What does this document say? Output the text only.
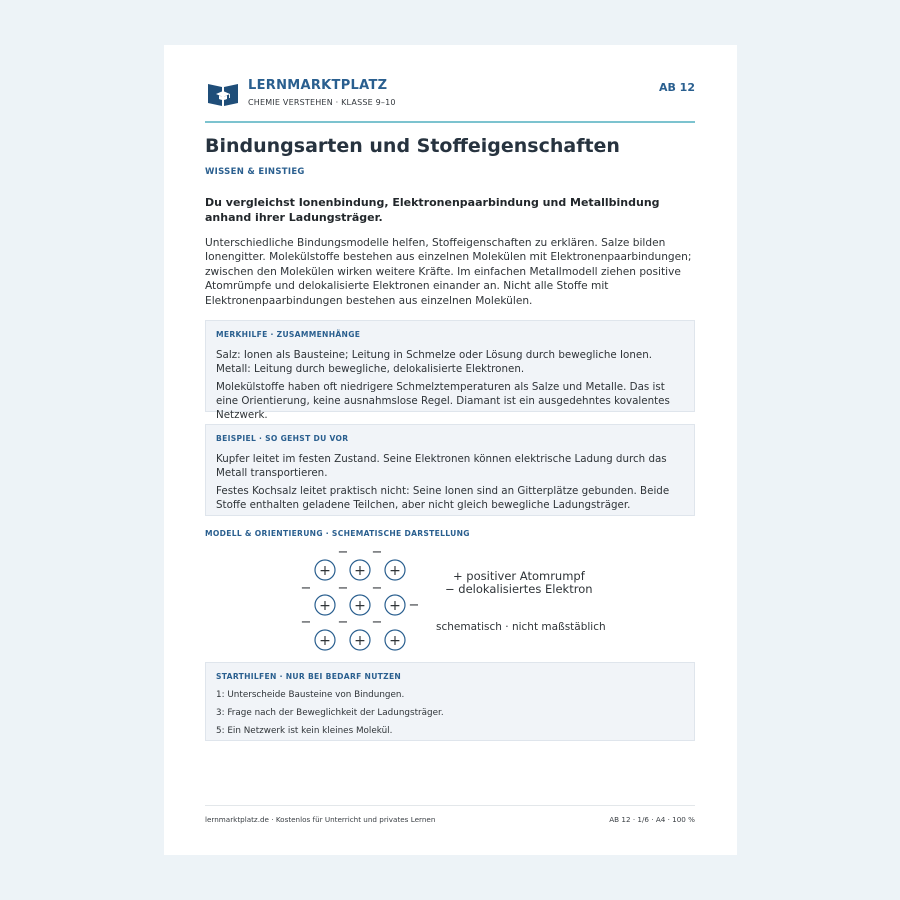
LERNMARKTPLATZ
CHEMIE VERSTEHEN · KLASSE 9–10
AB 12
Bindungsarten und Stoffeigenschaften
WISSEN & EINSTIEG
Du vergleichst Ionenbindung, Elektronenpaarbindung und Metallbindung anhand ihrer Ladungsträger.
Unterschiedliche Bindungsmodelle helfen, Stoffeigenschaften zu erklären. Salze bilden Ionengitter. Molekülstoffe bestehen aus einzelnen Molekülen mit Elektronenpaarbindungen; zwischen den Molekülen wirken weitere Kräfte. Im einfachen Metallmodell ziehen positive Atomrümpfe und delokalisierte Elektronen einander an. Nicht alle Stoffe mit Elektronenpaarbindungen bestehen aus einzelnen Molekülen.
MERKHILFE · ZUSAMMENHÄNGE

Salz: Ionen als Bausteine; Leitung in Schmelze oder Lösung durch bewegliche Ionen. Metall: Leitung durch bewegliche, delokalisierte Elektronen.

Molekülstoffe haben oft niedrigere Schmelztemperaturen als Salze und Metalle. Das ist eine Orientierung, keine ausnahmslose Regel. Diamant ist ein ausgedehntes kovalentes Netzwerk.

BEISPIEL · SO GEHST DU VOR

Kupfer leitet im festen Zustand. Seine Elektronen können elektrische Ladung durch das Metall transportieren.

Festes Kochsalz leitet praktisch nicht: Seine Ionen sind an Gitterplätze gebunden. Beide Stoffe enthalten geladene Teilchen, aber nicht gleich bewegliche Ladungsträger.

MODELL & ORIENTIERUNG · SCHEMATISCHE DARSTELLUNG
+ + +
+ + +
+ + +
− −
− − −
−
− − −
+ positiver Atomrumpf
− delokalisiertes Elektron
schematisch · nicht maßstäblich
STARTHILFEN · NUR BEI BEDARF NUTZEN
1: Unterscheide Bausteine von Bindungen.
3: Frage nach der Beweglichkeit der Ladungsträger.
5: Ein Netzwerk ist kein kleines Molekül.
lernmarktplatz.de · Kostenlos für Unterricht und privates Lernen	AB 12 · 1/6 · A4 · 100 %
